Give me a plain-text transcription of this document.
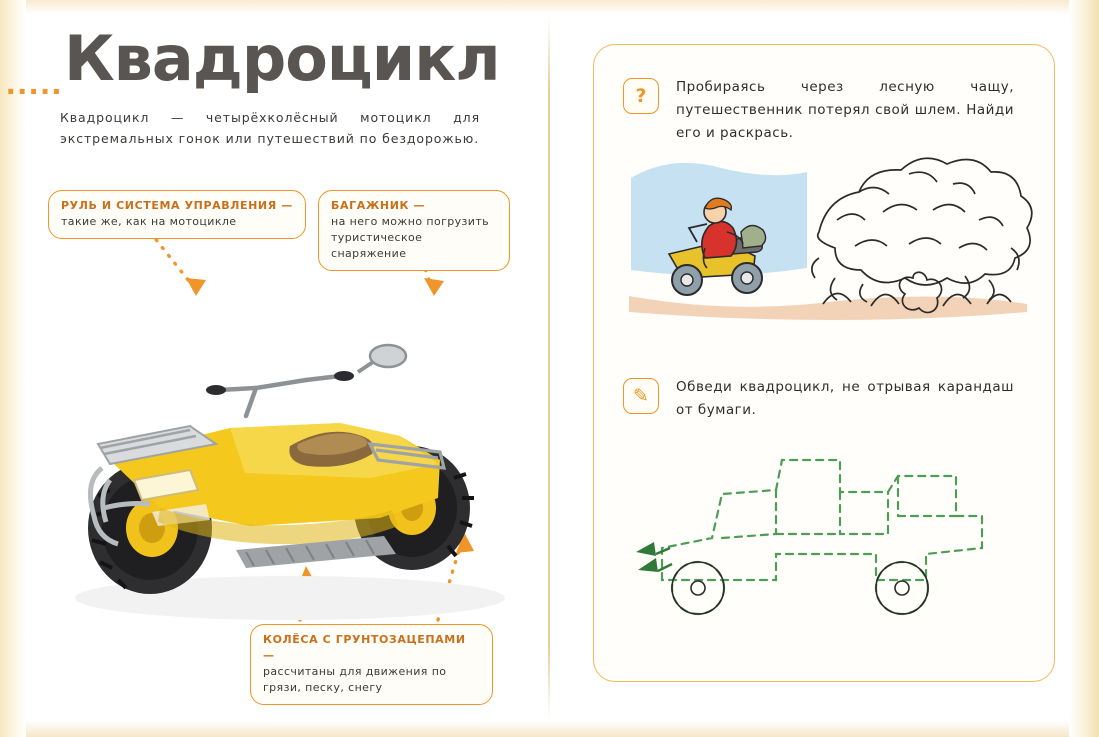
..... Квадроцикл
Квадроцикл — четырёхколёсный мотоцикл для экстремальных гонок или путешествий по бездорожью.
РУЛЬ И СИСТЕМА УПРАВЛЕНИЯ —
такие же, как на мотоцикле
БАГАЖНИК —
на него можно погрузить туристическое снаряжение
КОЛЁСА С ГРУНТОЗАЦЕПАМИ —
рассчитаны для движения по грязи, песку, снегу
?	Пробираясь через лесную чащу, путешественник потерял свой шлем. Найди его и раскрась.
✎	Обведи квадроцикл, не отрывая карандаш от бумаги.
